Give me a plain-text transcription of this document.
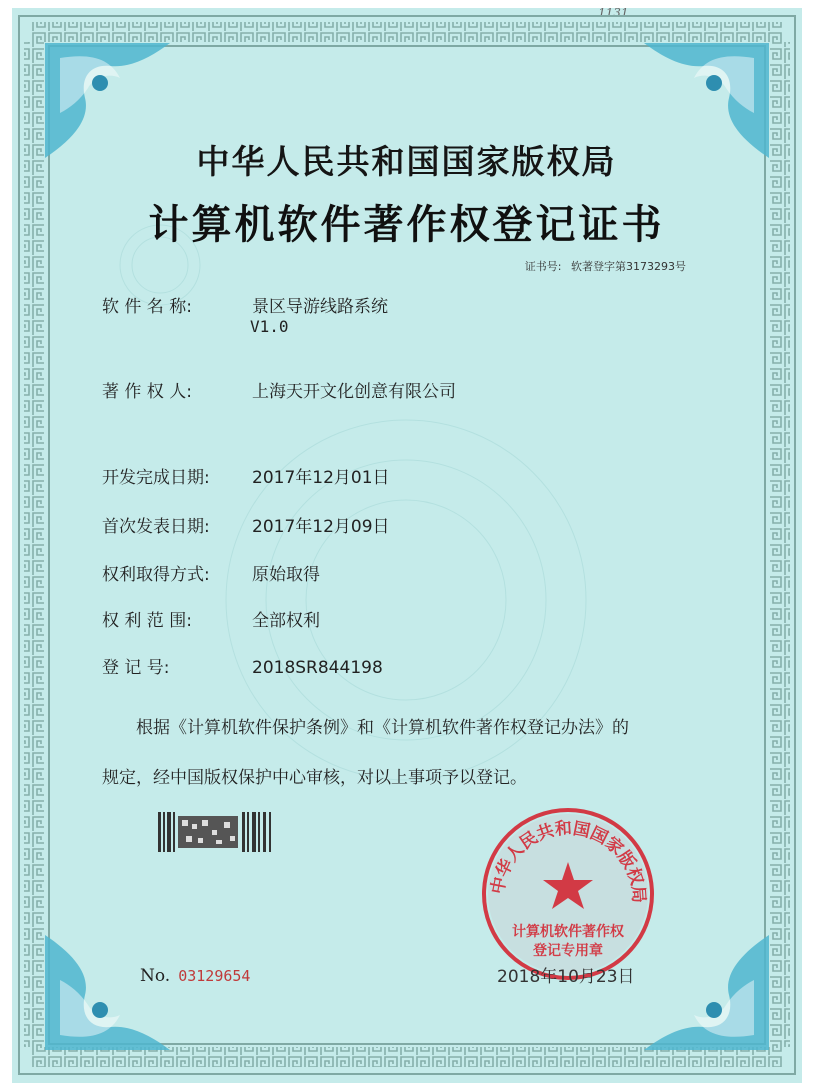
1131
中华人民共和国国家版权局
计算机软件著作权登记证书
证书号: 软著登字第3173293号
软 件 名 称:	景区导游线路系统
V1.0
著 作 权 人:	上海天开文化创意有限公司
开发完成日期: 2017年12月01日
首次发表日期: 2017年12月09日
权利取得方式: 原始取得
权 利 范 围:	全部权利
登 记 号:	2018SR844198
根据《计算机软件保护条例》和《计算机软件著作权登记办法》的
规定，经中国版权保护中心审核，对以上事项予以登记。
中华人民共和国国家版权局
计算机软件著作权
登记专用章
No. 03129654	2018年10月23日
